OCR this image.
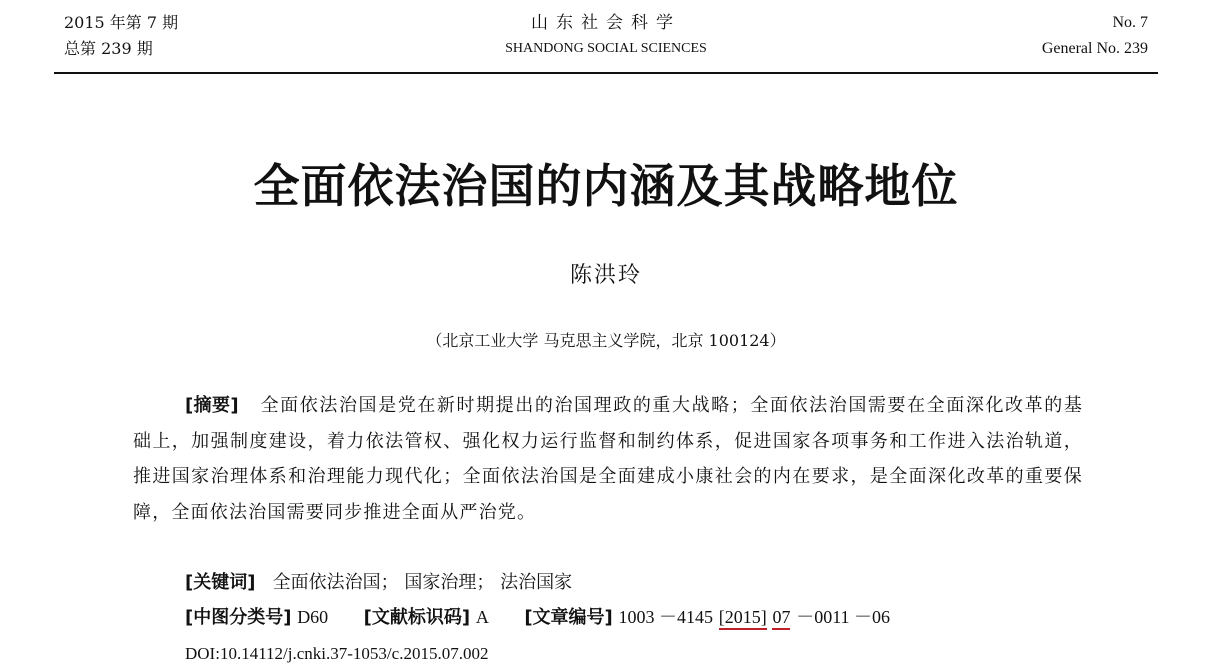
2015 年第 7 期
总第 239 期
山东社会科学
SHANDONG SOCIAL SCIENCES
No. 7
General No. 239
全面依法治国的内涵及其战略地位
陈洪玲
（北京工业大学 马克思主义学院，北京 100124）
[摘要] 全面依法治国是党在新时期提出的治国理政的重大战略；全面依法治国需要在全面深化改革的基础上，加强制度建设，着力依法管权、强化权力运行监督和制约体系，促进国家各项事务和工作进入法治轨道，推进国家治理体系和治理能力现代化；全面依法治国是全面建成小康社会的内在要求，是全面深化改革的重要保障，全面依法治国需要同步推进全面从严治党。
[关键词] 全面依法治国； 国家治理； 法治国家
[中图分类号] D60 [文献标识码] A [文章编号] 1003 －4145 [2015] 07 －0011 －06
DOI:10.14112/j.cnki.37-1053/c.2015.07.002
